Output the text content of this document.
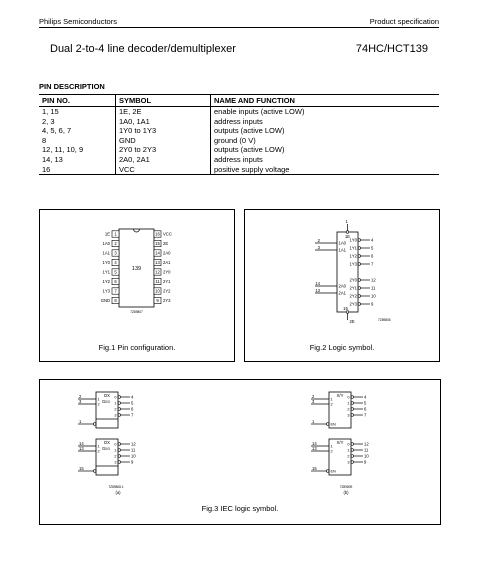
Philips Semiconductors	Product specification
Dual 2-to-4 line decoder/demultiplexer	74HC/HCT139
PIN DESCRIPTION
PIN NO.	SYMBOL	NAME AND FUNCTION
1, 15	1E, 2E	enable inputs (active LOW)
2, 3	1A0, 1A1	address inputs
4, 5, 6, 7	1Y0 to 1Y3	outputs (active LOW)
8	GND	ground (0 V)
12, 11, 10, 9	2Y0 to 2Y3	outputs (active LOW)
14, 13	2A0, 2A1	address inputs
16	VCC	positive supply voltage
139
1
1E
2
1A0
3
1A1
4
1Y0
5
1Y1
6
1Y2
7
1Y3
8
GND
16 VCC
15 2E
14 2A0
13 2A1
12 2Y0
11 2Y1
10 2Y2
9 2Y3
7Z89807
Fig.1 Pin configuration.
1
1E
15
2E
2
1A0
3
1A1
14
2A0
13
2A1
1Y0	4
1Y1	5
1Y2	6
1Y3	7
2Y0	12
2Y1	11
2Y2	10
2Y3	9
7Z89806
Fig.2 Logic symbol.
DX
2
1
3
2
G 0/3
1
0	4
1	5
2	6
3	7
DX
14
1
13
2
G 0/3
15
0	12
1	11
2	10
3	9
X/Y
2
1
3
2
1
EN
0	4
1	5
2	6
3	7
X/Y
14
1
13
2
15
EN
0	12
1	11
2	10
3	9
7Z89808.1
(a)
7Z89809
(b)
Fig.3 IEC logic symbol.
